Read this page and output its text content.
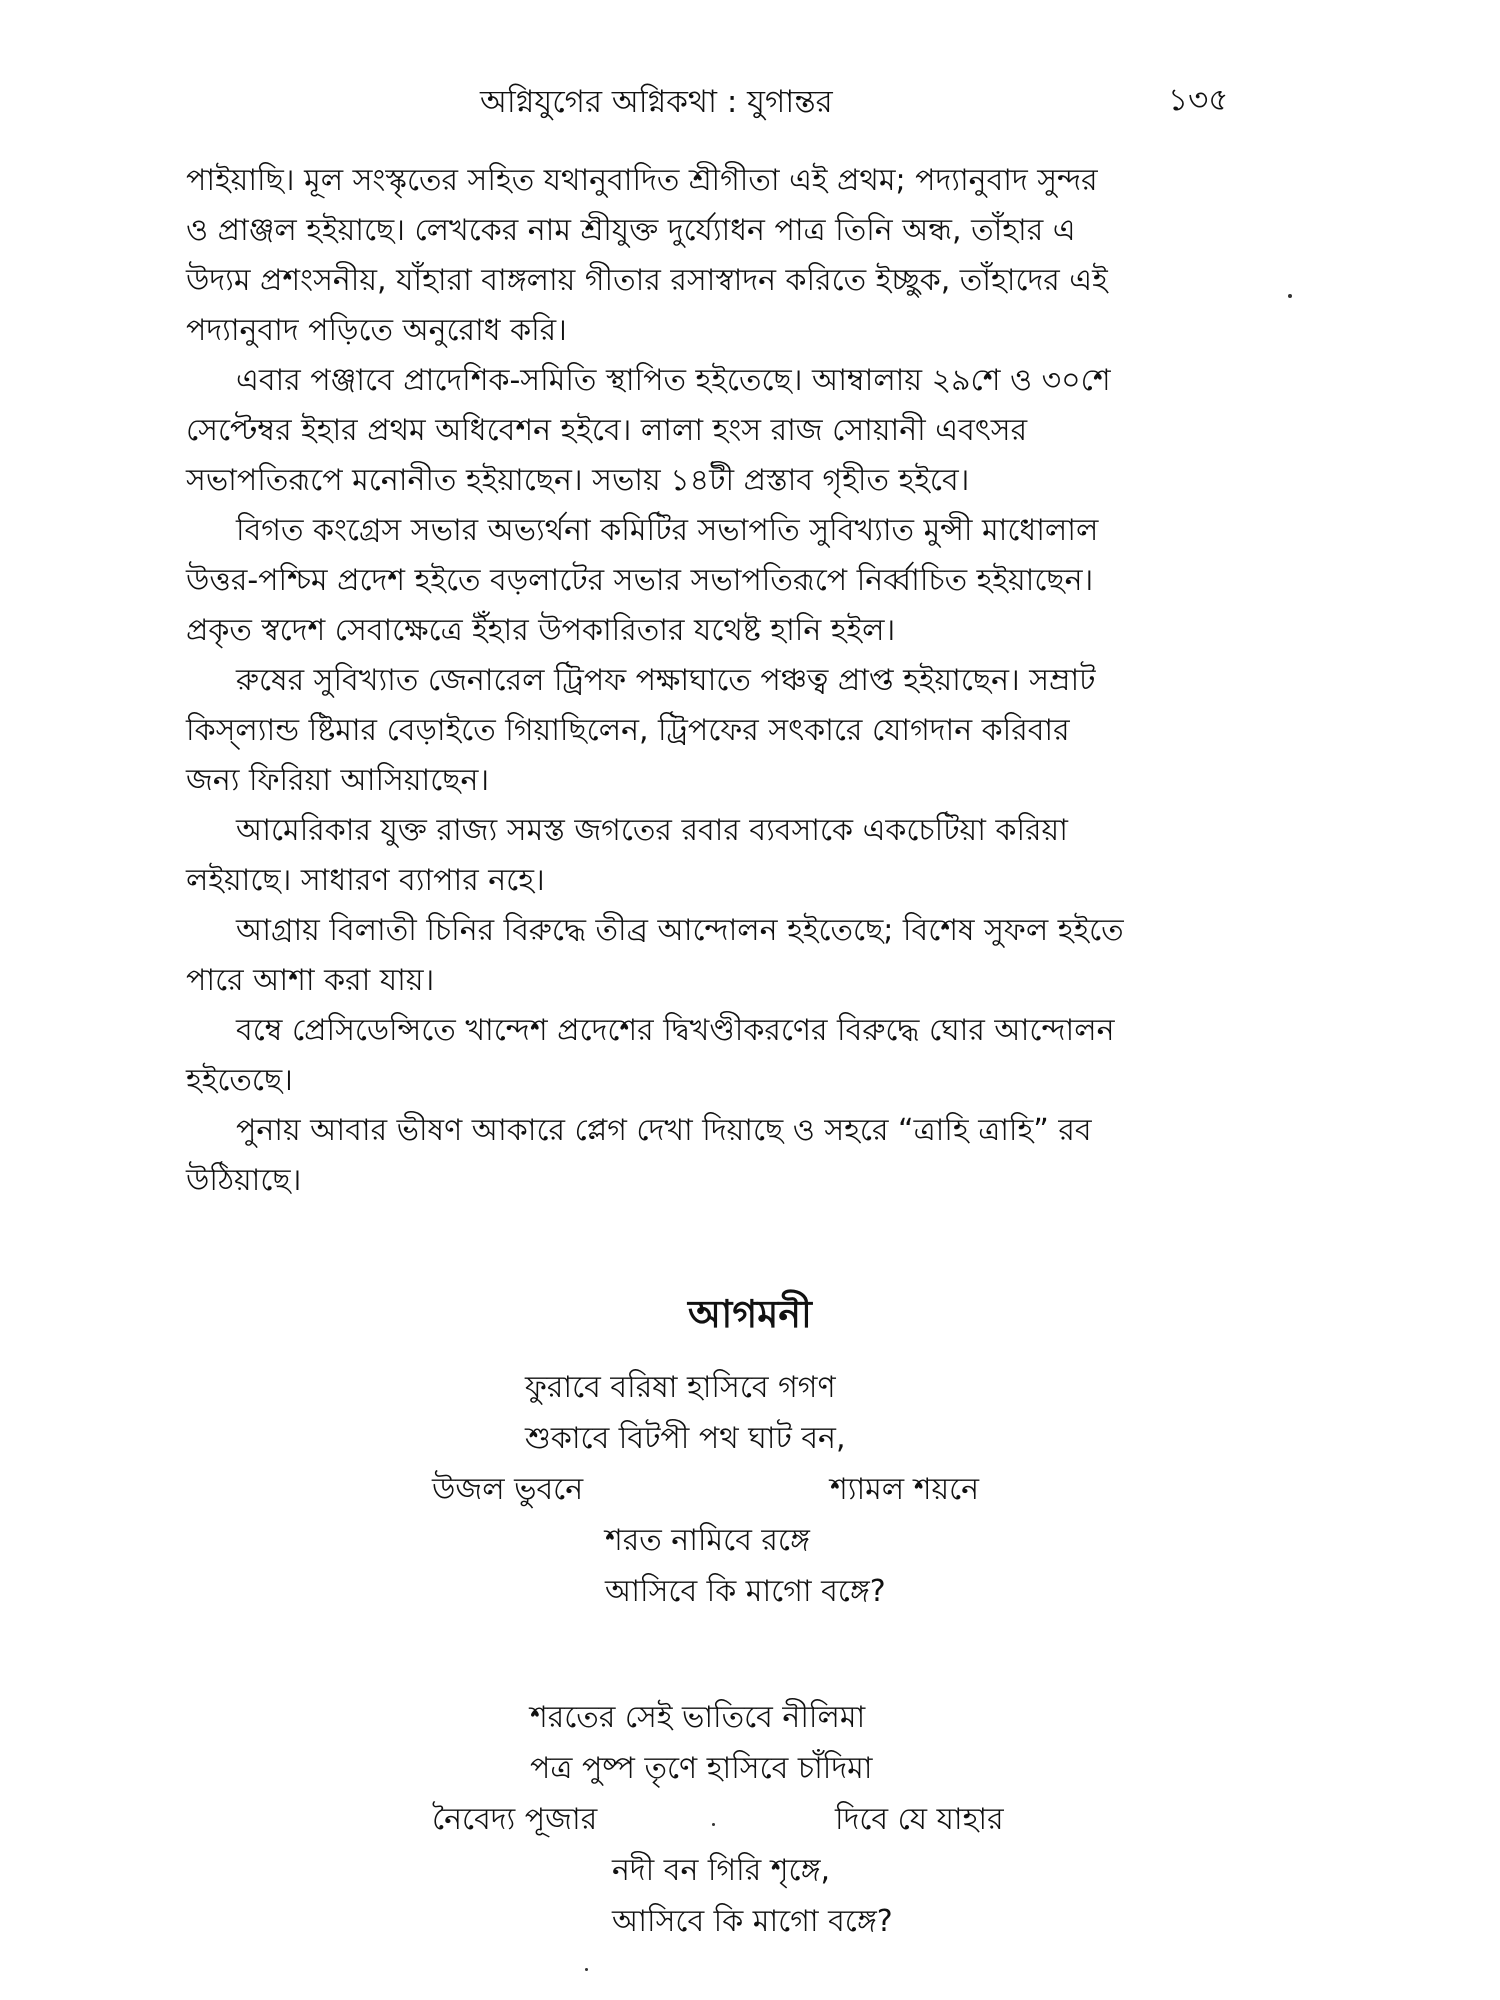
অগ্নিযুগের অগ্নিকথা : যুগান্তর	১৩৫
পাইয়াছি। মূল সংস্কৃতের সহিত যথানুবাদিত শ্রীগীতা এই প্রথম; পদ্যানুবাদ সুন্দর
ও প্রাঞ্জল হইয়াছে। লেখকের নাম শ্রীযুক্ত দুর্য্যোধন পাত্র তিনি অন্ধ, তাঁহার এ
উদ্যম প্রশংসনীয়, যাঁহারা বাঙ্গলায় গীতার রসাস্বাদন করিতে ইচ্ছুক, তাঁহাদের এই
পদ্যানুবাদ পড়িতে অনুরোধ করি।
এবার পঞ্জাবে প্রাদেশিক-সমিতি স্থাপিত হইতেছে। আম্বালায় ২৯শে ও ৩০শে
সেপ্টেম্বর ইহার প্রথম অধিবেশন হইবে। লালা হংস রাজ সোয়ানী এবৎসর
সভাপতিরূপে মনোনীত হইয়াছেন। সভায় ১৪টী প্রস্তাব গৃহীত হইবে।
বিগত কংগ্রেস সভার অভ্যর্থনা কমিটির সভাপতি সুবিখ্যাত মুন্সী মাধোলাল
উত্তর-পশ্চিম প্রদেশ হইতে বড়লাটের সভার সভাপতিরূপে নির্ব্বাচিত হইয়াছেন।
প্রকৃত স্বদেশ সেবাক্ষেত্রে ইঁহার উপকারিতার যথেষ্ট হানি হইল।
রুষের সুবিখ্যাত জেনারেল ট্রিপফ পক্ষাঘাতে পঞ্চত্ব প্রাপ্ত হইয়াছেন। সম্রাট
কিস্‌ল্যান্ড ষ্টিমার বেড়াইতে গিয়াছিলেন, ট্রিপফের সৎকারে যোগদান করিবার
জন্য ফিরিয়া আসিয়াছেন।
আমেরিকার যুক্ত রাজ্য সমস্ত জগতের রবার ব্যবসাকে একচেটিয়া করিয়া
লইয়াছে। সাধারণ ব্যাপার নহে।
আগ্রায় বিলাতী চিনির বিরুদ্ধে তীব্র আন্দোলন হইতেছে; বিশেষ সুফল হইতে
পারে আশা করা যায়।
বম্বে প্রেসিডেন্সিতে খান্দেশ প্রদেশের দ্বিখণ্ডীকরণের বিরুদ্ধে ঘোর আন্দোলন
হইতেছে।
পুনায় আবার ভীষণ আকারে প্লেগ দেখা দিয়াছে ও সহরে “ত্রাহি ত্রাহি” রব
উঠিয়াছে।
আগমনী
ফুরাবে বরিষা হাসিবে গগণ
শুকাবে বিটপী পথ ঘাট বন,
উজল ভুবনে	শ্যামল শয়নে
শরত নামিবে রঙ্গে
আসিবে কি মাগো বঙ্গে?
শরতের সেই ভাতিবে নীলিমা
পত্র পুষ্প তৃণে হাসিবে চাঁদিমা
নৈবেদ্য পূজার	দিবে যে যাহার
নদী বন গিরি শৃঙ্গে,
আসিবে কি মাগো বঙ্গে?
